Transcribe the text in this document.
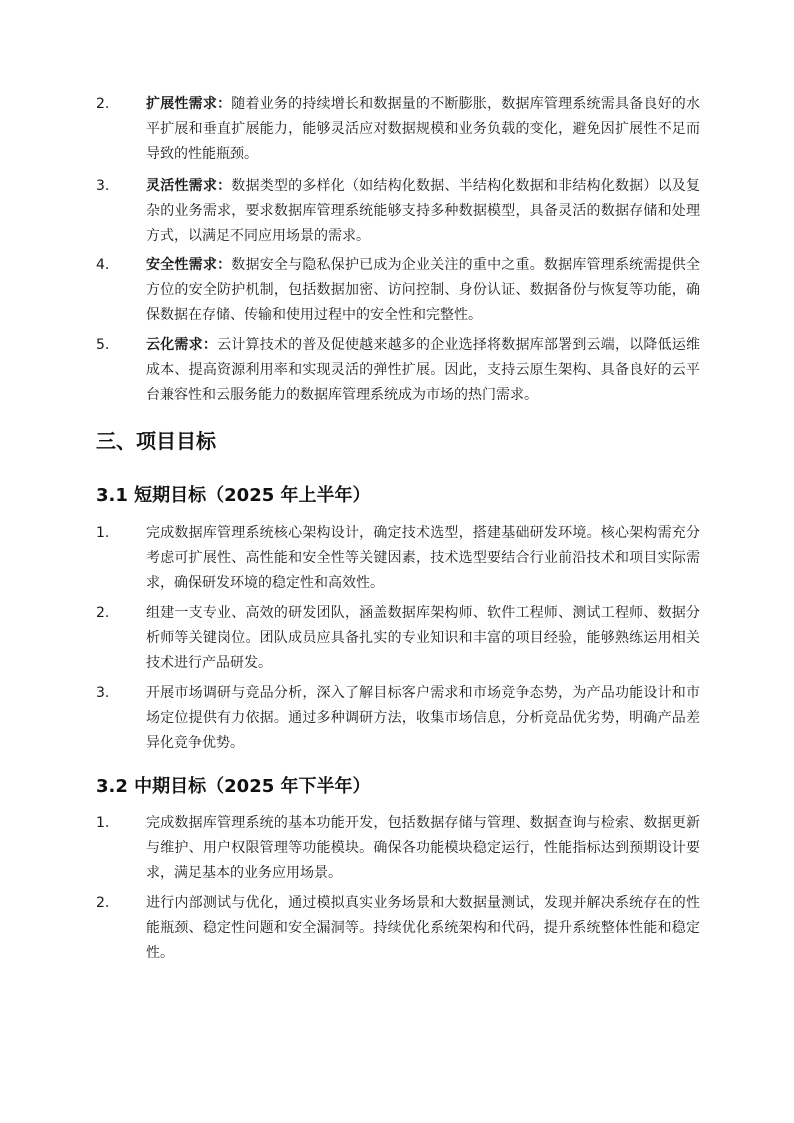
2.	扩展性需求：随着业务的持续增长和数据量的不断膨胀，数据库管理系统需具备良好的水平扩展和垂直扩展能力，能够灵活应对数据规模和业务负载的变化，避免因扩展性不足而导致的性能瓶颈。
3.	灵活性需求：数据类型的多样化（如结构化数据、半结构化数据和非结构化数据）以及复杂的业务需求，要求数据库管理系统能够支持多种数据模型，具备灵活的数据存储和处理方式，以满足不同应用场景的需求。
4.	安全性需求：数据安全与隐私保护已成为企业关注的重中之重。数据库管理系统需提供全方位的安全防护机制，包括数据加密、访问控制、身份认证、数据备份与恢复等功能，确保数据在存储、传输和使用过程中的安全性和完整性。
5.	云化需求：云计算技术的普及促使越来越多的企业选择将数据库部署到云端，以降低运维成本、提高资源利用率和实现灵活的弹性扩展。因此，支持云原生架构、具备良好的云平台兼容性和云服务能力的数据库管理系统成为市场的热门需求。
三、项目目标
3.1 短期目标（2025 年上半年）
1.	完成数据库管理系统核心架构设计，确定技术选型，搭建基础研发环境。核心架构需充分考虑可扩展性、高性能和安全性等关键因素，技术选型要结合行业前沿技术和项目实际需求，确保研发环境的稳定性和高效性。
2.	组建一支专业、高效的研发团队，涵盖数据库架构师、软件工程师、测试工程师、数据分析师等关键岗位。团队成员应具备扎实的专业知识和丰富的项目经验，能够熟练运用相关技术进行产品研发。
3.	开展市场调研与竞品分析，深入了解目标客户需求和市场竞争态势，为产品功能设计和市场定位提供有力依据。通过多种调研方法，收集市场信息，分析竞品优劣势，明确产品差异化竞争优势。
3.2 中期目标（2025 年下半年）
1.	完成数据库管理系统的基本功能开发，包括数据存储与管理、数据查询与检索、数据更新与维护、用户权限管理等功能模块。确保各功能模块稳定运行，性能指标达到预期设计要求，满足基本的业务应用场景。
2.	进行内部测试与优化，通过模拟真实业务场景和大数据量测试，发现并解决系统存在的性能瓶颈、稳定性问题和安全漏洞等。持续优化系统架构和代码，提升系统整体性能和稳定性。
